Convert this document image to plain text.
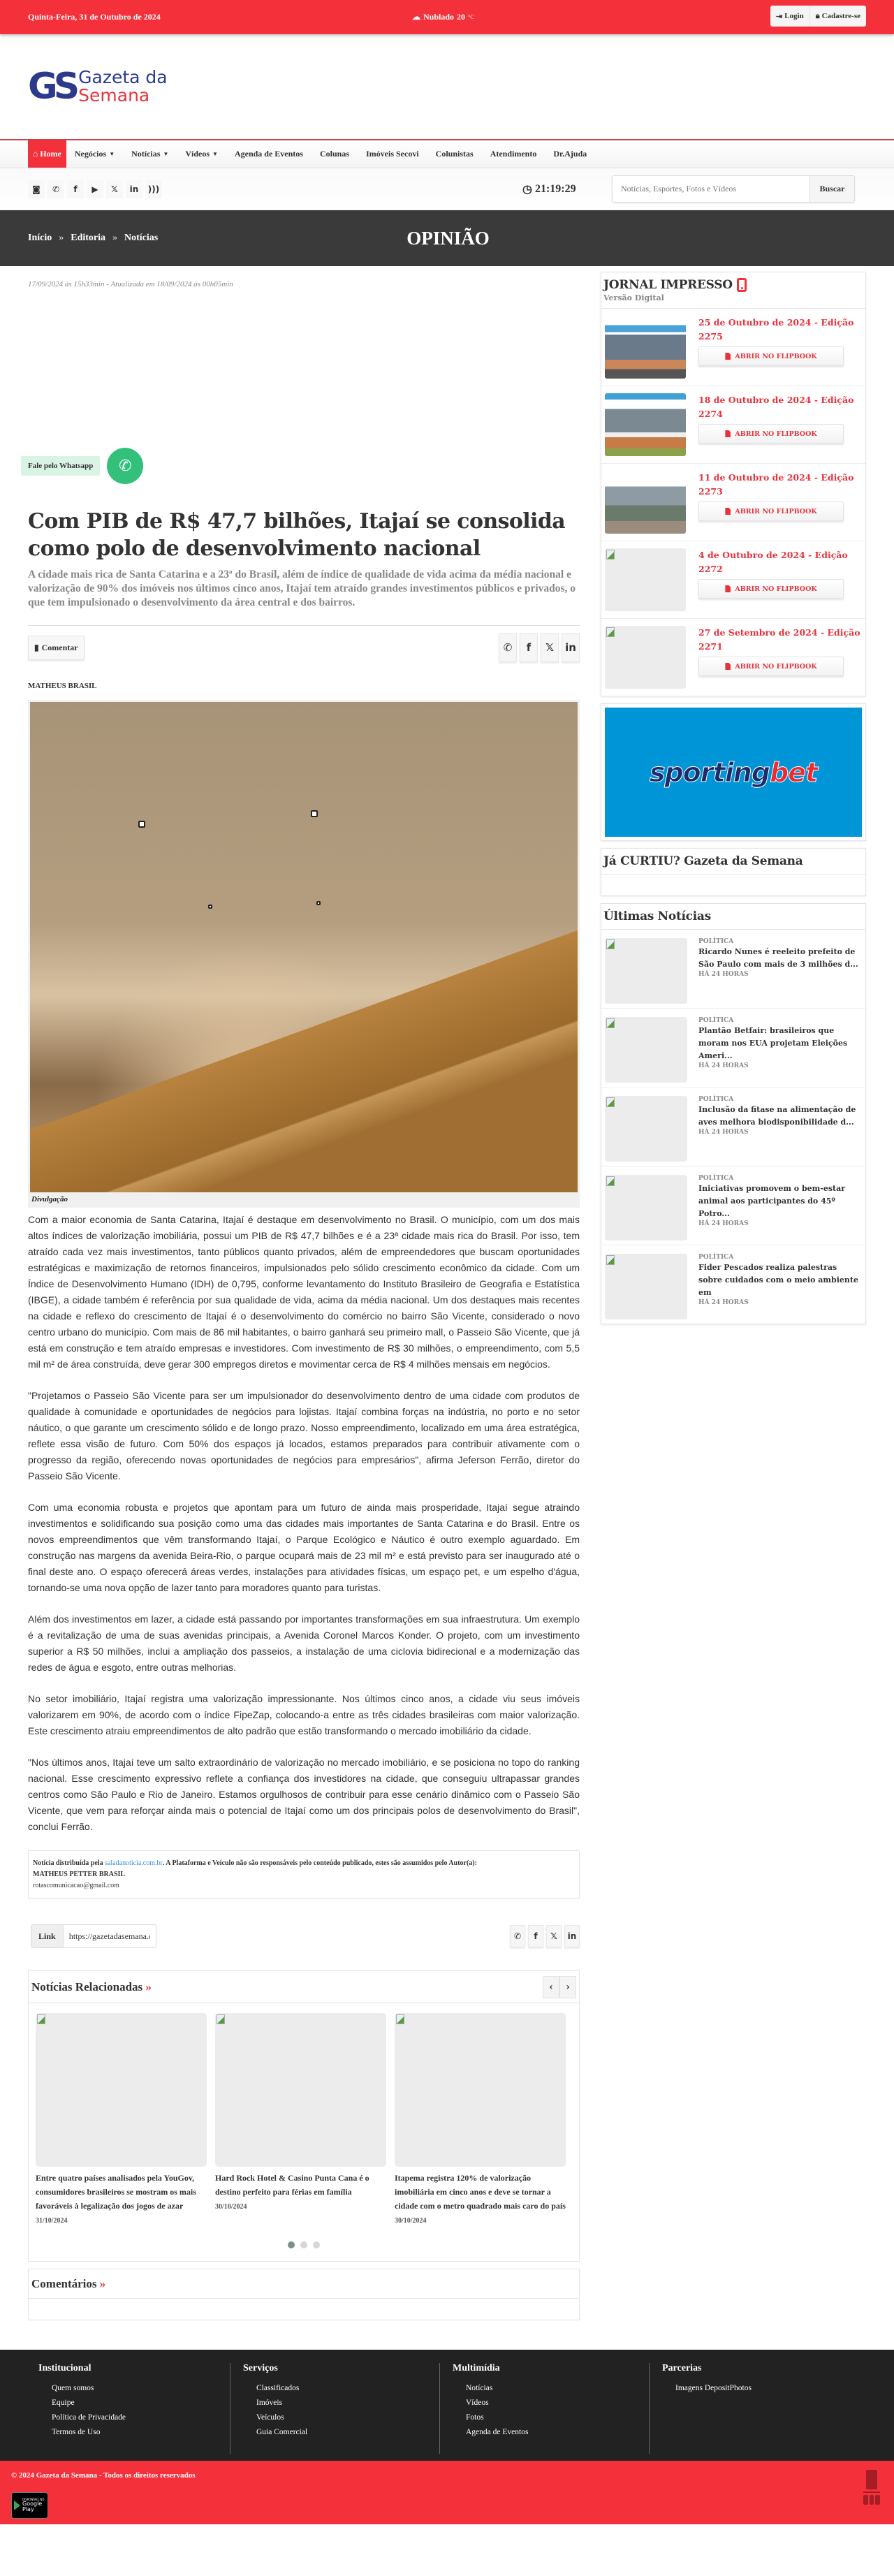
Quinta-Feira, 31 de Outubro de 2024	☁ Nublado 20 °C	⇥ Login 🔒︎ Cadastre-se
GS Gazeta da
Semana
⌂
Home Negócios ▼ Notícias ▼ Vídeos ▼	Agenda de Eventos	Colunas	Imóveis Secovi	Colunistas	Atendimento	Dr.Ajuda
◙	✆	f	▶	𝕏	in	)))	◷ 21:19:29
Notícias, Esportes, Fotos e Vídeos	Buscar
Início » Editoria » Notícias	OPINIÃO
17/09/2024 às 15h33min - Atualizada em 18/09/2024 às 00h05min
Fale pelo Whatsapp	✆
Com PIB de R$ 47,7 bilhões, Itajaí se consolida como polo de desenvolvimento nacional

A cidade mais rica de Santa Catarina e a 23ª do Brasil, além de índice de qualidade de vida acima da média nacional e valorização de 90% dos imóveis nos últimos cinco anos, Itajaí tem atraído grandes investimentos públicos e privados, o que tem impulsionado o desenvolvimento da área central e dos bairros.

▮ Comentar	✆	f	𝕏	in
MATHEUS BRASIL
Divulgação

Com a maior economia de Santa Catarina, Itajaí é destaque em desenvolvimento no Brasil. O município, com um dos mais altos índices de valorização imobiliária, possui um PIB de R$ 47,7 bilhões e é a 23ª cidade mais rica do Brasil. Por isso, tem atraído cada vez mais investimentos, tanto públicos quanto privados, além de empreendedores que buscam oportunidades estratégicas e maximização de retornos financeiros, impulsionados pelo sólido crescimento econômico da cidade. Com um Índice de Desenvolvimento Humano (IDH) de 0,795, conforme levantamento do Instituto Brasileiro de Geografia e Estatística (IBGE), a cidade também é referência por sua qualidade de vida, acima da média nacional. Um dos destaques mais recentes na cidade e reflexo do crescimento de Itajaí é o desenvolvimento do comércio no bairro São Vicente, considerado o novo centro urbano do município. Com mais de 86 mil habitantes, o bairro ganhará seu primeiro mall, o Passeio São Vicente, que já está em construção e tem atraído empresas e investidores. Com investimento de R$ 30 milhões, o empreendimento, com 5,5 mil m² de área construída, deve gerar 300 empregos diretos e movimentar cerca de R$ 4 milhões mensais em negócios.

"Projetamos o Passeio São Vicente para ser um impulsionador do desenvolvimento dentro de uma cidade com produtos de qualidade à comunidade e oportunidades de negócios para lojistas. Itajaí combina forças na indústria, no porto e no setor náutico, o que garante um crescimento sólido e de longo prazo. Nosso empreendimento, localizado em uma área estratégica, reflete essa visão de futuro. Com 50% dos espaços já locados, estamos preparados para contribuir ativamente com o progresso da região, oferecendo novas oportunidades de negócios para empresários", afirma Jeferson Ferrão, diretor do Passeio São Vicente.

Com uma economia robusta e projetos que apontam para um futuro de ainda mais prosperidade, Itajaí segue atraindo investimentos e solidificando sua posição como uma das cidades mais importantes de Santa Catarina e do Brasil. Entre os novos empreendimentos que vêm transformando Itajaí, o Parque Ecológico e Náutico é outro exemplo aguardado. Em construção nas margens da avenida Beira-Rio, o parque ocupará mais de 23 mil m² e está previsto para ser inaugurado até o final deste ano. O espaço oferecerá áreas verdes, instalações para atividades físicas, um espaço pet, e um espelho d'água, tornando-se uma nova opção de lazer tanto para moradores quanto para turistas.

Além dos investimentos em lazer, a cidade está passando por importantes transformações em sua infraestrutura. Um exemplo é a revitalização de uma de suas avenidas principais, a Avenida Coronel Marcos Konder. O projeto, com um investimento superior a R$ 50 milhões, inclui a ampliação dos passeios, a instalação de uma ciclovia bidirecional e a modernização das redes de água e esgoto, entre outras melhorias.

No setor imobiliário, Itajaí registra uma valorização impressionante. Nos últimos cinco anos, a cidade viu seus imóveis valorizarem em 90%, de acordo com o índice FipeZap, colocando-a entre as três cidades brasileiras com maior valorização. Este crescimento atraiu empreendimentos de alto padrão que estão transformando o mercado imobiliário da cidade.

"Nos últimos anos, Itajaí teve um salto extraordinário de valorização no mercado imobiliário, e se posiciona no topo do ranking nacional. Esse crescimento expressivo reflete a confiança dos investidores na cidade, que conseguiu ultrapassar grandes centros como São Paulo e Rio de Janeiro. Estamos orgulhosos de contribuir para esse cenário dinâmico com o Passeio São Vicente, que vem para reforçar ainda mais o potencial de Itajaí como um dos principais polos de desenvolvimento do Brasil", conclui Ferrão.

Notícia distribuída pela saladanoticia.com.br. A Plataforma e Veículo não são responsáveis pelo conteúdo publicado, estes são assumidos pelo Autor(a):
MATHEUS PETTER BRASIL
rotascomunicacao@gmail.com
Link
https://gazetadasemana.com.	✆	f	𝕏	in
Notícias Relacionadas »	‹	›
Entre quatro países analisados pela YouGov, consumidores brasileiros se mostram os mais favoráveis à legalização dos jogos de azar
31/10/2024
Hard Rock Hotel & Casino Punta Cana é o destino perfeito para férias em família
30/10/2024
Itapema registra 120% de valorização imobiliária em cinco anos e deve se tornar a cidade com o metro quadrado mais caro do país
30/10/2024
Comentários »
JORNAL IMPRESSO
Versão Digital
25 de Outubro de 2024 - Edição 2275
ABRIR NO FLIPBOOK
18 de Outubro de 2024 - Edição 2274
ABRIR NO FLIPBOOK
11 de Outubro de 2024 - Edição 2273
ABRIR NO FLIPBOOK
4 de Outubro de 2024 - Edição 2272
ABRIR NO FLIPBOOK
27 de Setembro de 2024 - Edição 2271
ABRIR NO FLIPBOOK
sportingbet
Já CURTIU? Gazeta da Semana
Últimas Notícias
POLÍTICA
Ricardo Nunes é reeleito prefeito de São Paulo com mais de 3 milhões d...
HÁ 24 HORAS
POLÍTICA
Plantão Betfair: brasileiros que moram nos EUA projetam Eleições Ameri...
HÁ 24 HORAS
POLÍTICA
Inclusão da fitase na alimentação de aves melhora biodisponibilidade d...
HÁ 24 HORAS
POLÍTICA
Iniciativas promovem o bem-estar animal aos participantes do 45º Potro...
HÁ 24 HORAS
POLÍTICA
Fider Pescados realiza palestras sobre cuidados com o meio ambiente em
HÁ 24 HORAS
Institucional
Quem somos
Equipe
Política de Privacidade
Termos de Uso
Serviços
Classificados
Imóveis
Veículos
Guia Comercial
Multimídia
Notícias
Vídeos
Fotos
Agenda de Eventos
Parcerias
Imagens DepositPhotos
© 2024 Gazeta da Semana - Todos os direitos reservados
DISPONÍVEL NO
Google Play
